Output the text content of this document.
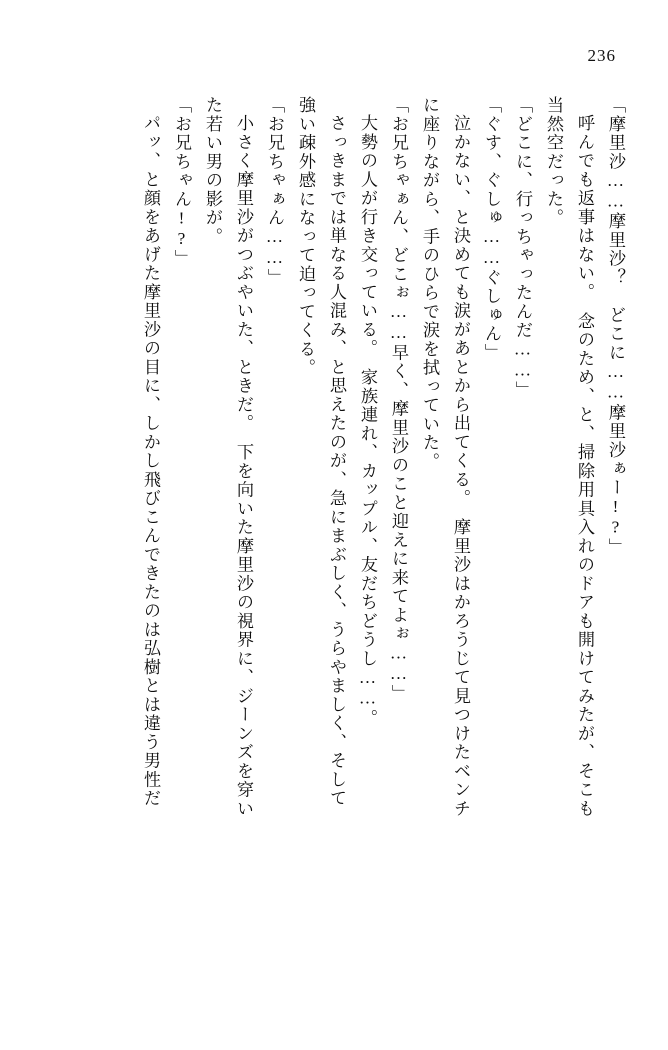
236
「摩里沙……摩里沙？　どこに……摩里沙ぁー!?」
呼んでも返事はない。　念のため、と、掃除用具入れのドアも開けてみたが、そこも
当然空だった。
「どこに、行っちゃったんだ……」
「ぐす、ぐしゅ……ぐしゅん」
泣かない、と決めても涙があとから出てくる。　摩里沙はかろうじて見つけたベンチ
に座りながら、手のひらで涙を拭っていた。
「お兄ちゃぁん、どこぉ……早く、摩里沙のこと迎えに来てよぉ……」
大勢の人が行き交っている。　家族連れ、カップル、友だちどうし……。
さっきまでは単なる人混み、と思えたのが、急にまぶしく、うらやましく、そして
強い疎外感になって迫ってくる。
「お兄ちゃぁん……」
小さく摩里沙がつぶやいた、ときだ。　下を向いた摩里沙の視界に、ジーンズを穿い
た若い男の影が。
「お兄ちゃん!?」
パッ、と顔をあげた摩里沙の目に、しかし飛びこんできたのは弘樹とは違う男性だ
